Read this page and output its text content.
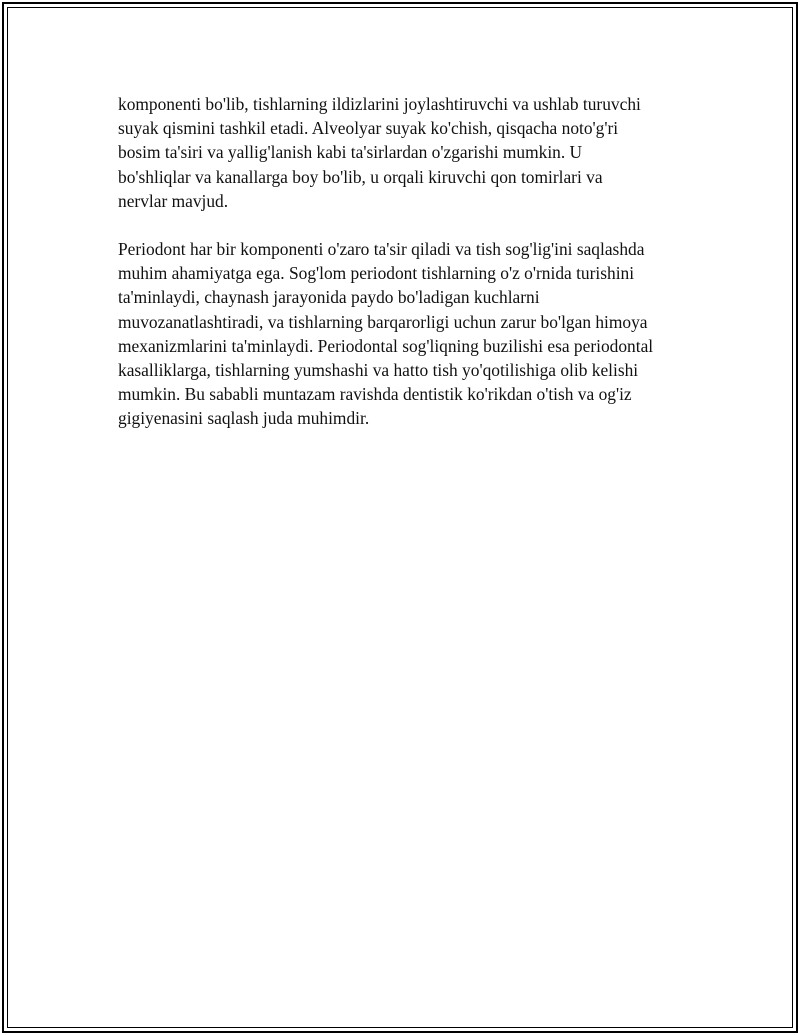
komponenti bo'lib, tishlarning ildizlarini joylashtiruvchi va ushlab turuvchi
suyak qismini tashkil etadi. Alveolyar suyak ko'chish, qisqacha noto'g'ri
bosim ta'siri va yallig'lanish kabi ta'sirlardan o'zgarishi mumkin. U
bo'shliqlar va kanallarga boy bo'lib, u orqali kiruvchi qon tomirlari va
nervlar mavjud.

Periodont har bir komponenti o'zaro ta'sir qiladi va tish sog'lig'ini saqlashda
muhim ahamiyatga ega. Sog'lom periodont tishlarning o'z o'rnida turishini
ta'minlaydi, chaynash jarayonida paydo bo'ladigan kuchlarni
muvozanatlashtiradi, va tishlarning barqarorligi uchun zarur bo'lgan himoya
mexanizmlarini ta'minlaydi. Periodontal sog'liqning buzilishi esa periodontal
kasalliklarga, tishlarning yumshashi va hatto tish yo'qotilishiga olib kelishi
mumkin. Bu sababli muntazam ravishda dentistik ko'rikdan o'tish va og'iz
gigiyenasini saqlash juda muhimdir.
